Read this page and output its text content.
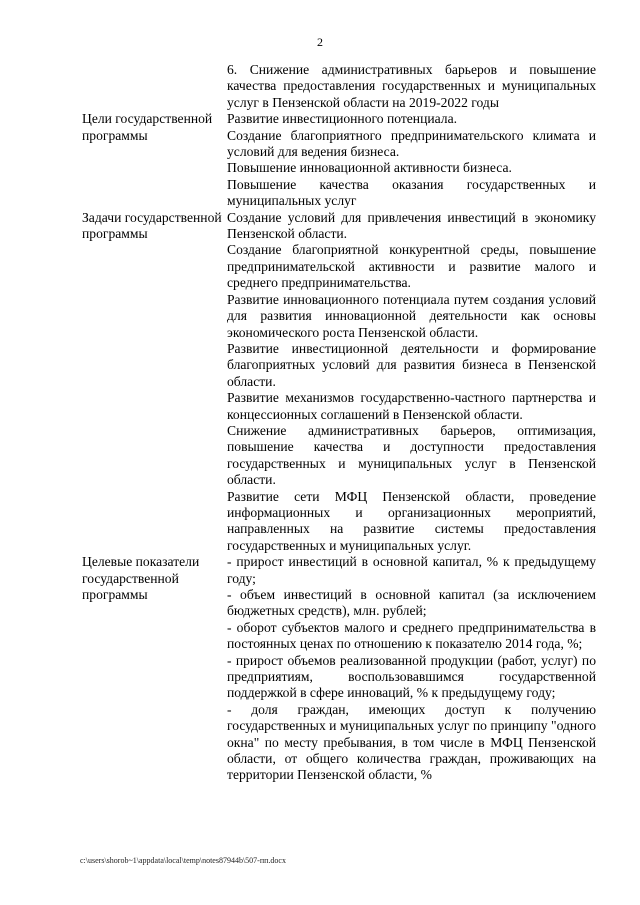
2
6. Снижение административных барьеров и повышение качества предоставления государственных и муниципальных услуг в Пензенской области на 2019-2022 годы
Цели государственной программы

Развитие инвестиционного потенциала.

Создание благоприятного предпринимательского климата и условий для ведения бизнеса.

Повышение инновационной активности бизнеса.

Повышение качества оказания государственных и муниципальных услуг

Задачи государственной программы

Создание условий для привлечения инвестиций в экономику Пензенской области.

Создание благоприятной конкурентной среды, повышение предпринимательской активности и развитие малого и среднего предпринимательства.

Развитие инновационного потенциала путем создания условий для развития инновационной деятельности как основы экономического роста Пензенской области.

Развитие инвестиционной деятельности и формирование благоприятных условий для развития бизнеса в Пензенской области.

Развитие механизмов государственно-частного партнерства и концессионных соглашений в Пензенской области.

Снижение административных барьеров, оптимизация, повышение качества и доступности предоставления государственных и муниципальных услуг в Пензенской области.

Развитие сети МФЦ Пензенской области, проведение информационных и организационных мероприятий, направленных на развитие системы предоставления государственных и муниципальных услуг.

Целевые показатели государственной программы

- прирост инвестиций в основной капитал, % к предыдущему году;

- объем инвестиций в основной капитал (за исключением бюджетных средств), млн. рублей;

- оборот субъектов малого и среднего предпринимательства в постоянных ценах по отношению к показателю 2014 года, %;

- прирост объемов реализованной продукции (работ, услуг) по предприятиям, воспользовавшимся государственной поддержкой в сфере инноваций, % к предыдущему году;

- доля граждан, имеющих доступ к получению государственных и муниципальных услуг по принципу "одного окна" по месту пребывания, в том числе в МФЦ Пензенской области, от общего количества граждан, проживающих на территории Пензенской области, %

c:\users\shorob~1\appdata\local\temp\notes87944b\507-пп.docx
